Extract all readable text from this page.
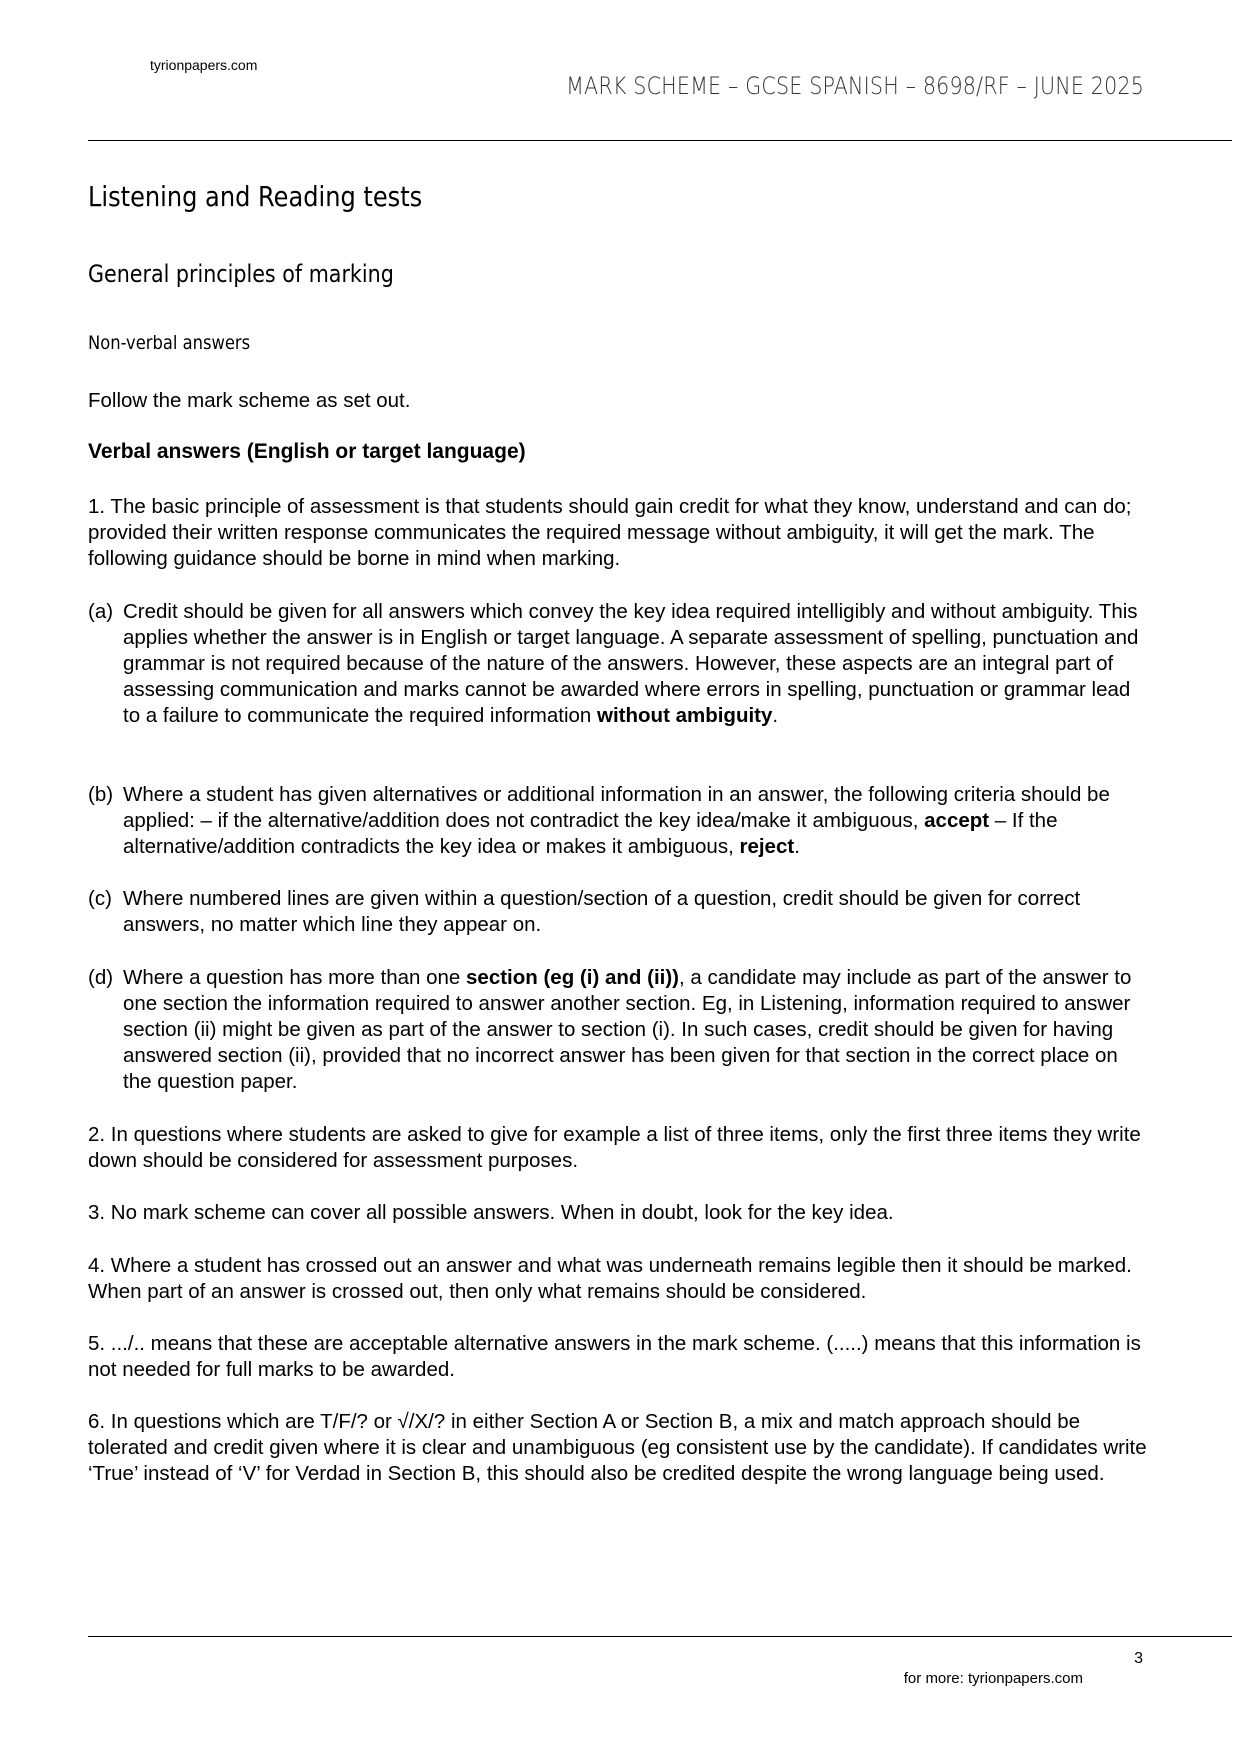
tyrionpapers.com
MARK SCHEME – GCSE SPANISH – 8698/RF – JUNE 2025
Listening and Reading tests
General principles of marking
Non-verbal answers
Follow the mark scheme as set out.
Verbal answers (English or target language)
1. The basic principle of assessment is that students should gain credit for what they know, understand and can do; provided their written response communicates the required message without ambiguity, it will get the mark. The following guidance should be borne in mind when marking.
(a) Credit should be given for all answers which convey the key idea required intelligibly and without ambiguity. This applies whether the answer is in English or target language. A separate assessment of spelling, punctuation and grammar is not required because of the nature of the answers. However, these aspects are an integral part of assessing communication and marks cannot be awarded where errors in spelling, punctuation or grammar lead to a failure to communicate the required information without ambiguity.
(b) Where a student has given alternatives or additional information in an answer, the following criteria should be applied: – if the alternative/addition does not contradict the key idea/make it ambiguous, accept – If the alternative/addition contradicts the key idea or makes it ambiguous, reject.
(c) Where numbered lines are given within a question/section of a question, credit should be given for correct answers, no matter which line they appear on.
(d) Where a question has more than one section (eg (i) and (ii)), a candidate may include as part of the answer to one section the information required to answer another section. Eg, in Listening, information required to answer section (ii) might be given as part of the answer to section (i). In such cases, credit should be given for having answered section (ii), provided that no incorrect answer has been given for that section in the correct place on the question paper.
2. In questions where students are asked to give for example a list of three items, only the first three items they write down should be considered for assessment purposes.
3. No mark scheme can cover all possible answers. When in doubt, look for the key idea.
4. Where a student has crossed out an answer and what was underneath remains legible then it should be marked. When part of an answer is crossed out, then only what remains should be considered.
5. .../.. means that these are acceptable alternative answers in the mark scheme. (.....) means that this information is not needed for full marks to be awarded.
6. In questions which are T/F/? or √/X/? in either Section A or Section B, a mix and match approach should be tolerated and credit given where it is clear and unambiguous (eg consistent use by the candidate). If candidates write ‘True’ instead of ‘V’ for Verdad in Section B, this should also be credited despite the wrong language being used.
3
for more: tyrionpapers.com
